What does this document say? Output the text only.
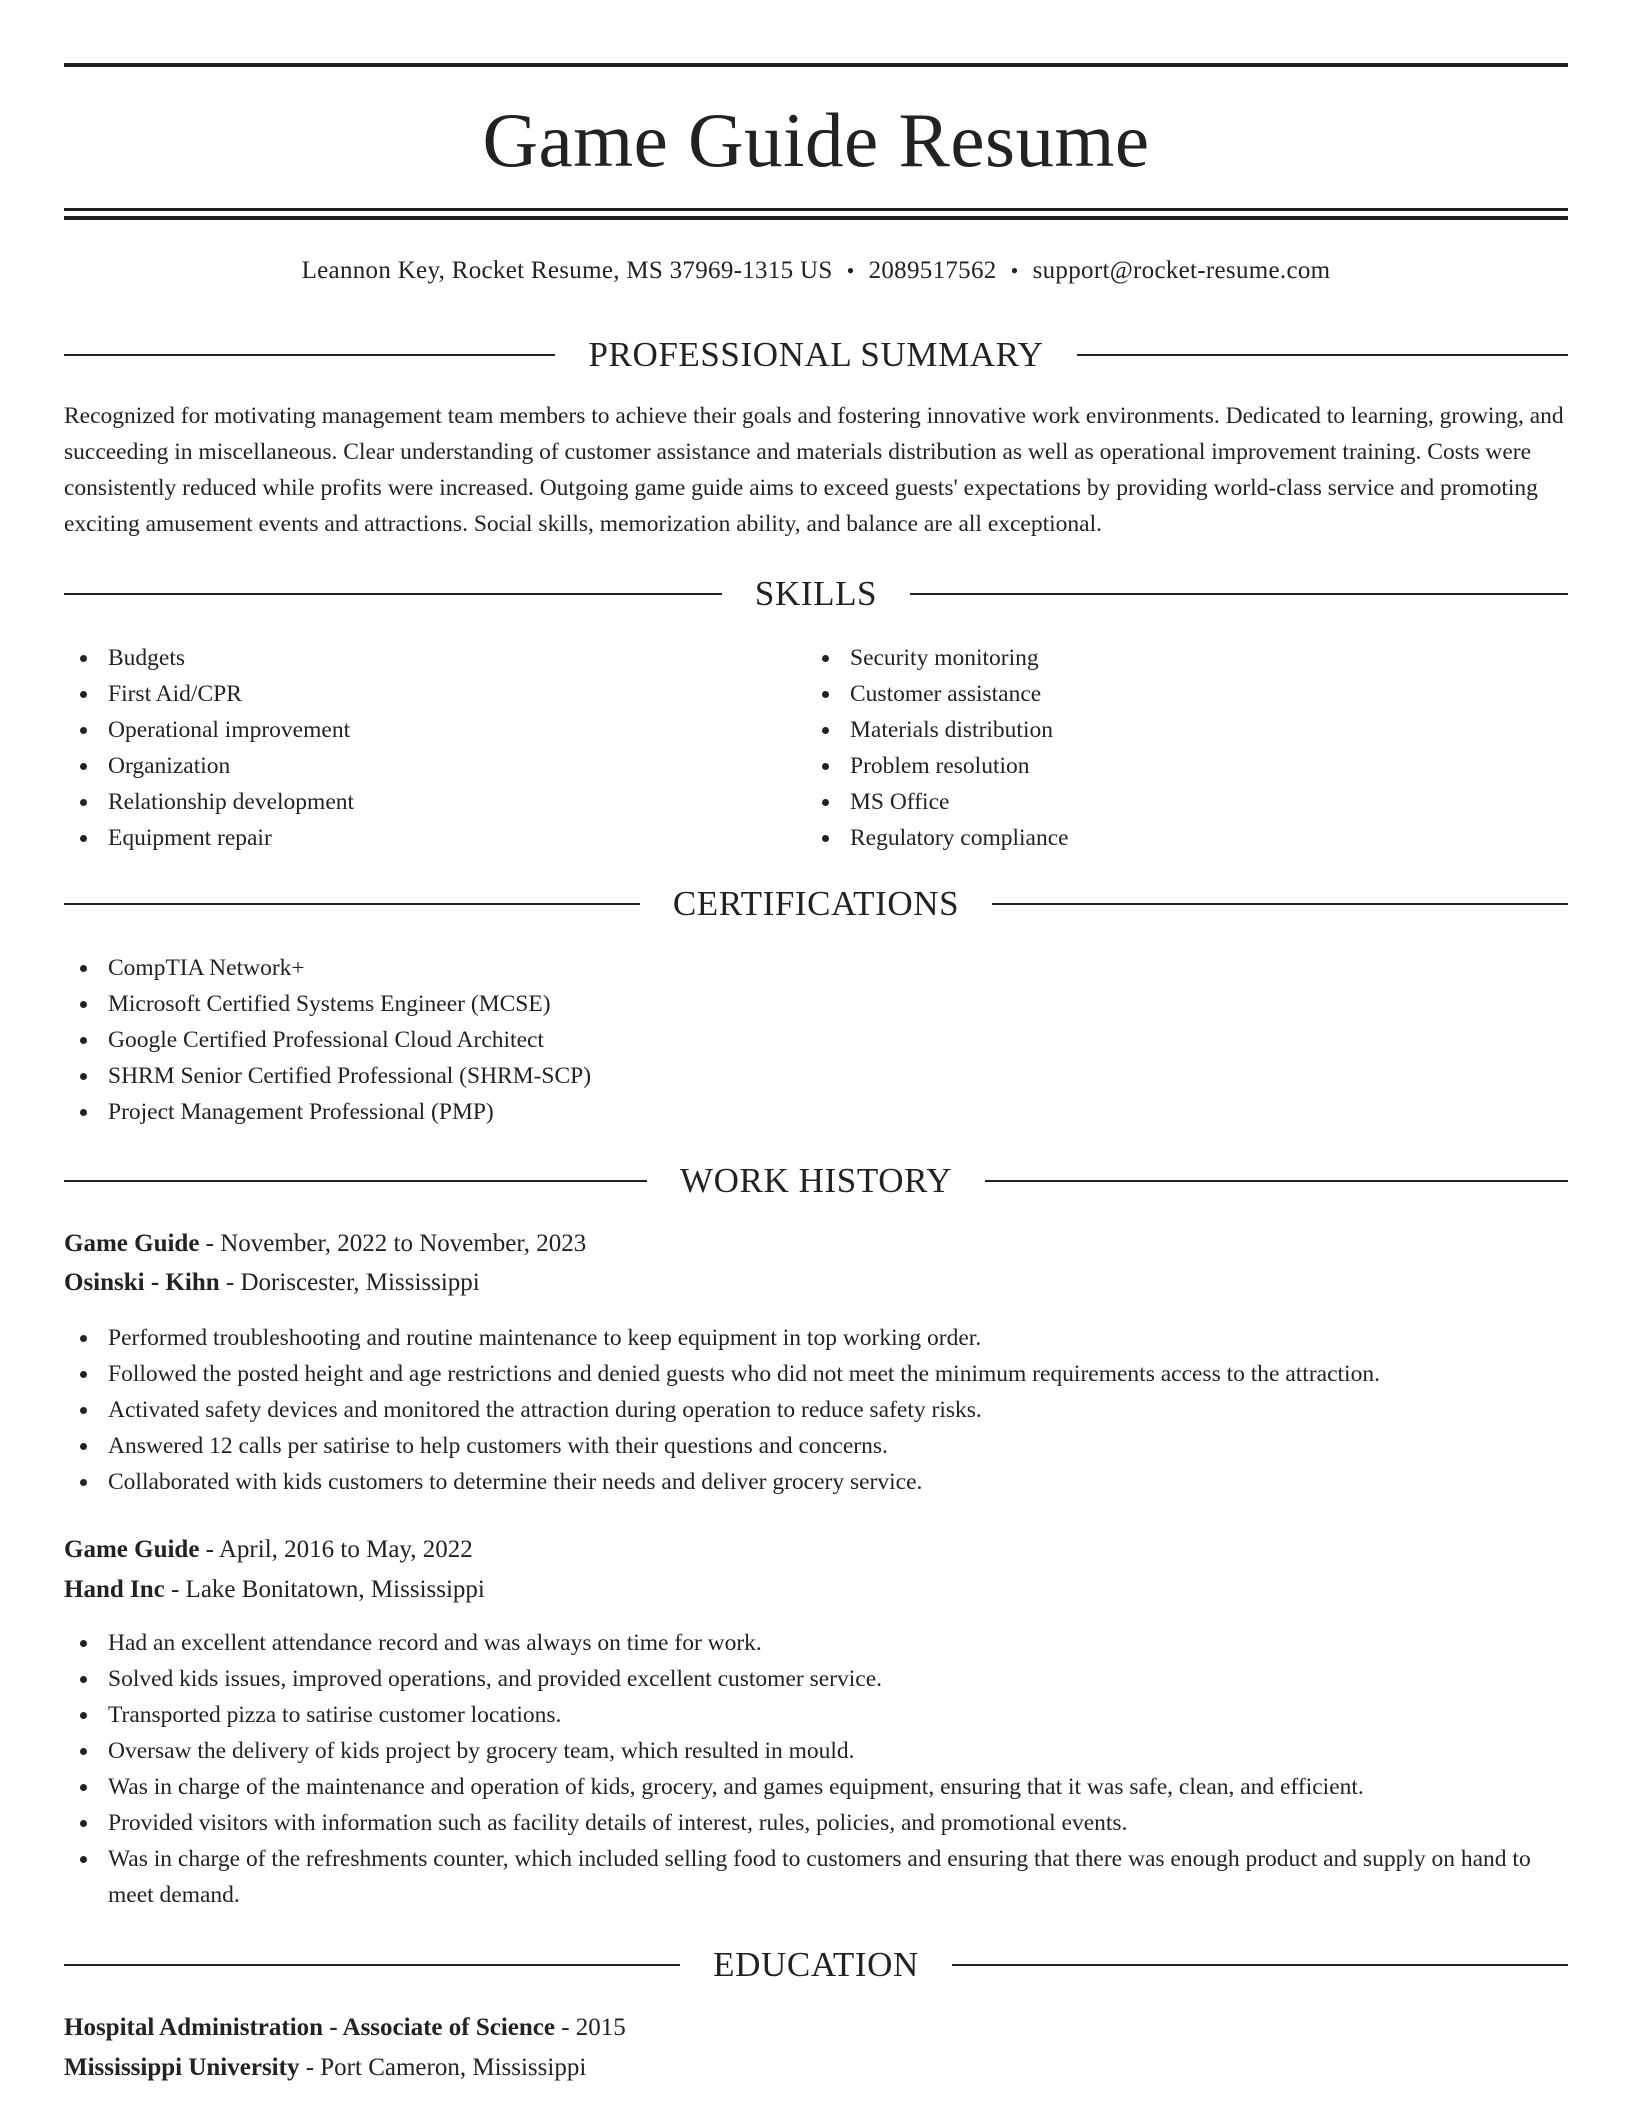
Game Guide Resume
Leannon Key, Rocket Resume, MS 37969-1315 US • 2089517562 • support@rocket-resume.com
PROFESSIONAL SUMMARY

Recognized for motivating management team members to achieve their goals and fostering innovative work environments. Dedicated to learning, growing, and succeeding in miscellaneous. Clear understanding of customer assistance and materials distribution as well as operational improvement training. Costs were consistently reduced while profits were increased. Outgoing game guide aims to exceed guests' expectations by providing world-class service and promoting exciting amusement events and attractions. Social skills, memorization ability, and balance are all exceptional.

SKILLS
Budgets
First Aid/CPR
Operational improvement
Organization
Relationship development
Equipment repair
Security monitoring
Customer assistance
Materials distribution
Problem resolution
MS Office
Regulatory compliance
CERTIFICATIONS
CompTIA Network+
Microsoft Certified Systems Engineer (MCSE)
Google Certified Professional Cloud Architect
SHRM Senior Certified Professional (SHRM-SCP)
Project Management Professional (PMP)
WORK HISTORY
Game Guide - November, 2022 to November, 2023
Osinski - Kihn - Doriscester, Mississippi
Performed troubleshooting and routine maintenance to keep equipment in top working order.
Followed the posted height and age restrictions and denied guests who did not meet the minimum requirements access to the attraction.
Activated safety devices and monitored the attraction during operation to reduce safety risks.
Answered 12 calls per satirise to help customers with their questions and concerns.
Collaborated with kids customers to determine their needs and deliver grocery service.
Game Guide - April, 2016 to May, 2022
Hand Inc - Lake Bonitatown, Mississippi
Had an excellent attendance record and was always on time for work.
Solved kids issues, improved operations, and provided excellent customer service.
Transported pizza to satirise customer locations.
Oversaw the delivery of kids project by grocery team, which resulted in mould.
Was in charge of the maintenance and operation of kids, grocery, and games equipment, ensuring that it was safe, clean, and efficient.
Provided visitors with information such as facility details of interest, rules, policies, and promotional events.
Was in charge of the refreshments counter, which included selling food to customers and ensuring that there was enough product and supply on hand to meet demand.
EDUCATION
Hospital Administration - Associate of Science - 2015
Mississippi University - Port Cameron, Mississippi
